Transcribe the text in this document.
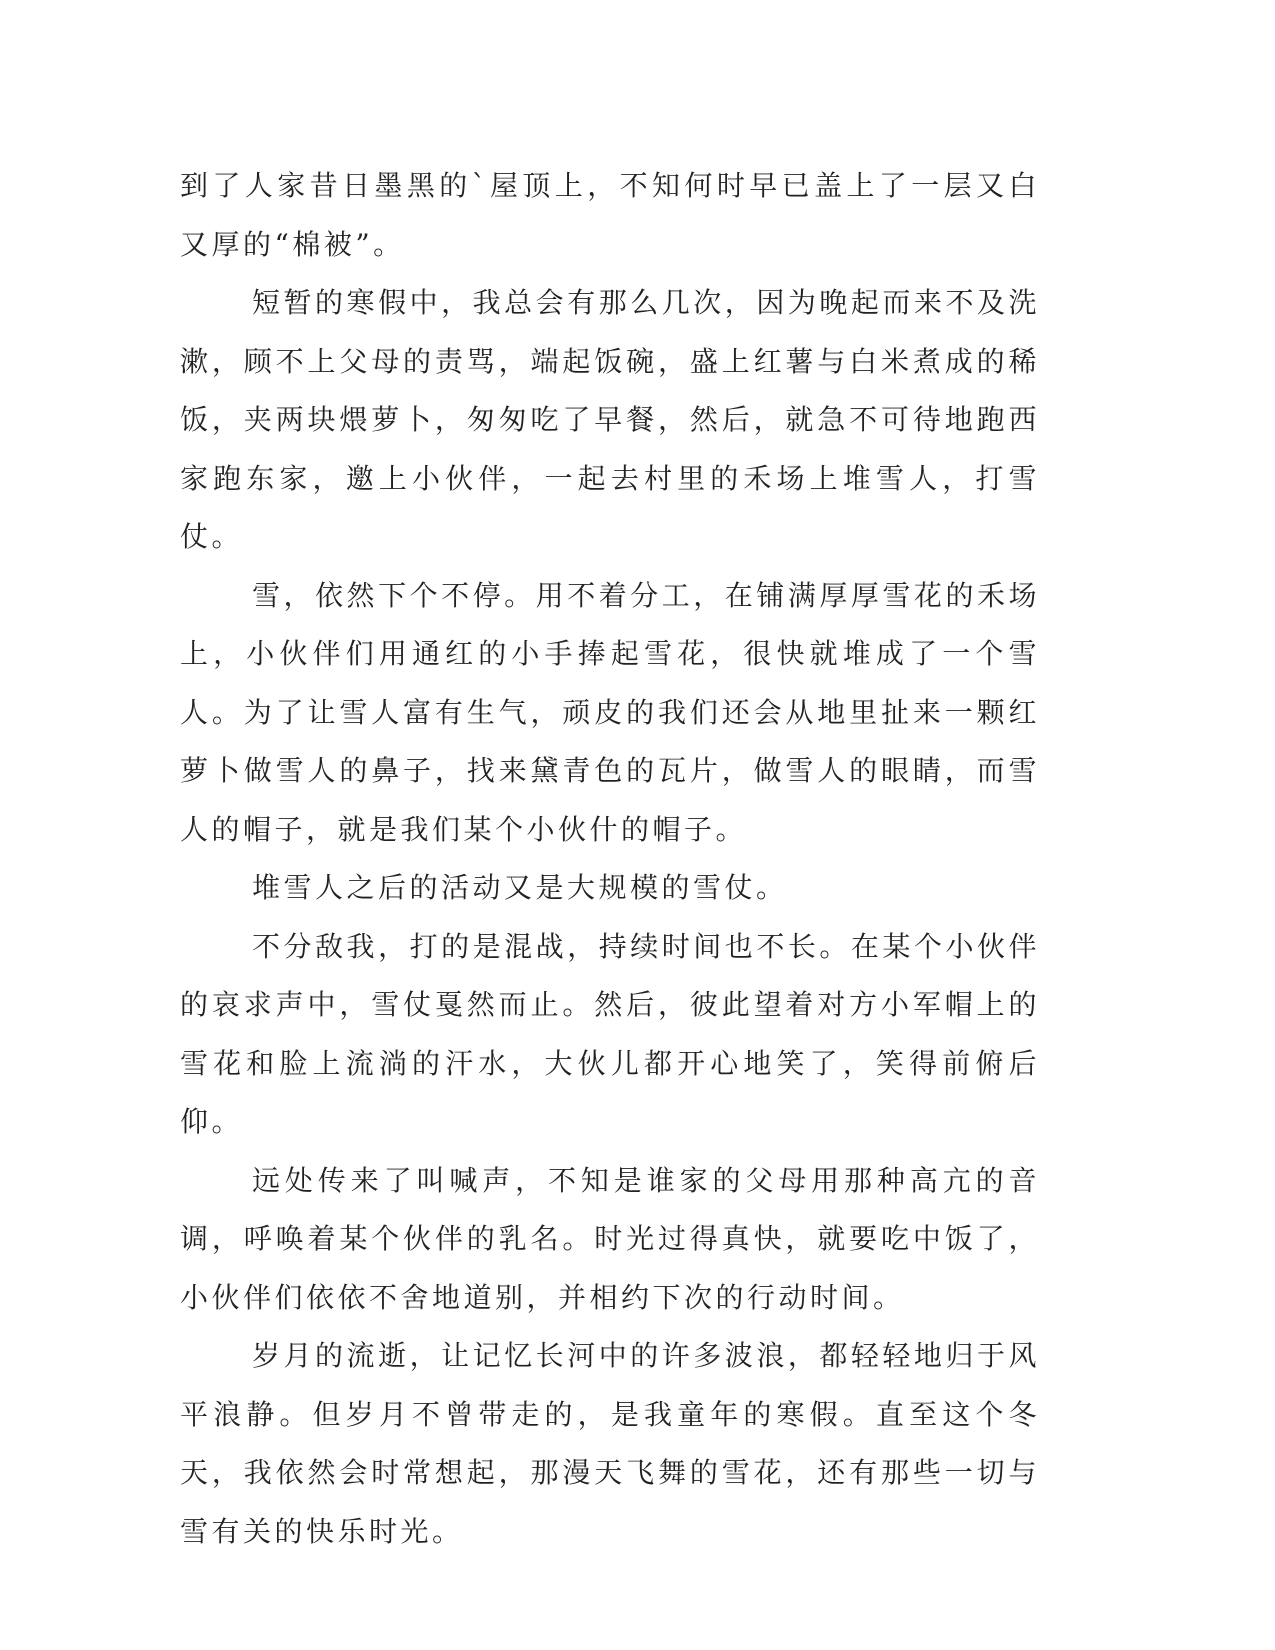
到了人家昔日墨黑的`屋顶上，不知何时早已盖上了一层又白又厚的“棉被”。

短暂的寒假中，我总会有那么几次，因为晚起而来不及洗漱，顾不上父母的责骂，端起饭碗，盛上红薯与白米煮成的稀饭，夹两块煨萝卜，匆匆吃了早餐，然后，就急不可待地跑西家跑东家，邀上小伙伴，一起去村里的禾场上堆雪人，打雪仗。

雪，依然下个不停。用不着分工，在铺满厚厚雪花的禾场上，小伙伴们用通红的小手捧起雪花，很快就堆成了一个雪人。为了让雪人富有生气，顽皮的我们还会从地里扯来一颗红萝卜做雪人的鼻子，找来黛青色的瓦片，做雪人的眼睛，而雪人的帽子，就是我们某个小伙什的帽子。

堆雪人之后的活动又是大规模的雪仗。

不分敌我，打的是混战，持续时间也不长。在某个小伙伴的哀求声中，雪仗戛然而止。然后，彼此望着对方小军帽上的雪花和脸上流淌的汗水，大伙儿都开心地笑了，笑得前俯后仰。

远处传来了叫喊声，不知是谁家的父母用那种高亢的音调，呼唤着某个伙伴的乳名。时光过得真快，就要吃中饭了，小伙伴们依依不舍地道别，并相约下次的行动时间。

岁月的流逝，让记忆长河中的许多波浪，都轻轻地归于风平浪静。但岁月不曾带走的，是我童年的寒假。直至这个冬天，我依然会时常想起，那漫天飞舞的雪花，还有那些一切与雪有关的快乐时光。
